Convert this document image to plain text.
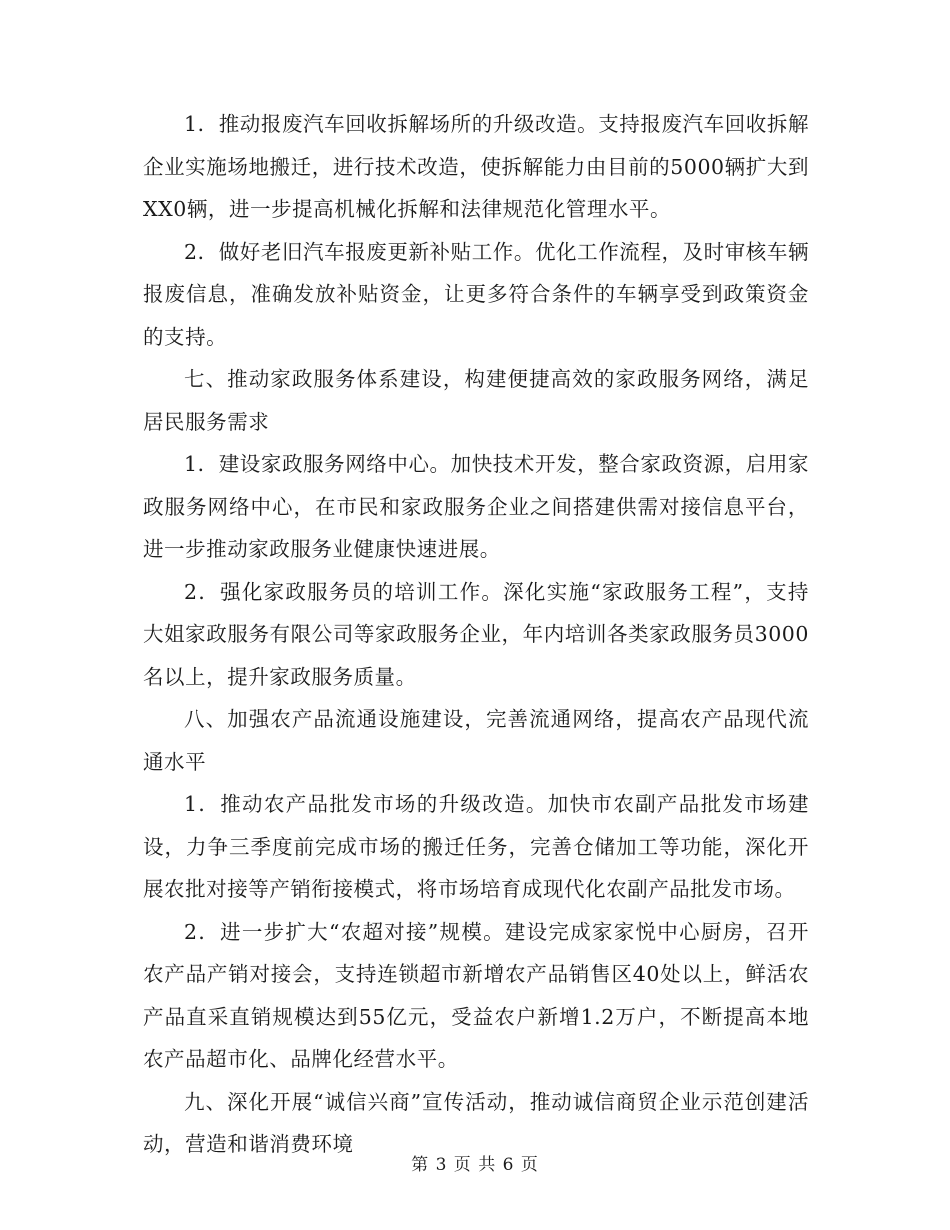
1．推动报废汽车回收拆解场所的升级改造。支持报废汽车回收拆解企业实施场地搬迁，进行技术改造，使拆解能力由目前的5000辆扩大到XX0辆，进一步提高机械化拆解和法律规范化管理水平。

2．做好老旧汽车报废更新补贴工作。优化工作流程，及时审核车辆报废信息，准确发放补贴资金，让更多符合条件的车辆享受到政策资金的支持。

七、推动家政服务体系建设，构建便捷高效的家政服务网络，满足居民服务需求

1．建设家政服务网络中心。加快技术开发，整合家政资源，启用家政服务网络中心，在市民和家政服务企业之间搭建供需对接信息平台，进一步推动家政服务业健康快速进展。

2．强化家政服务员的培训工作。深化实施“家政服务工程”，支持大姐家政服务有限公司等家政服务企业，年内培训各类家政服务员3000名以上，提升家政服务质量。

八、加强农产品流通设施建设，完善流通网络，提高农产品现代流通水平

1．推动农产品批发市场的升级改造。加快市农副产品批发市场建设，力争三季度前完成市场的搬迁任务，完善仓储加工等功能，深化开展农批对接等产销衔接模式，将市场培育成现代化农副产品批发市场。

2．进一步扩大“农超对接”规模。建设完成家家悦中心厨房，召开农产品产销对接会，支持连锁超市新增农产品销售区40处以上，鲜活农产品直采直销规模达到55亿元，受益农户新增1.2万户，不断提高本地农产品超市化、品牌化经营水平。

九、深化开展“诚信兴商”宣传活动，推动诚信商贸企业示范创建活动，营造和谐消费环境

第 3 页 共 6 页
